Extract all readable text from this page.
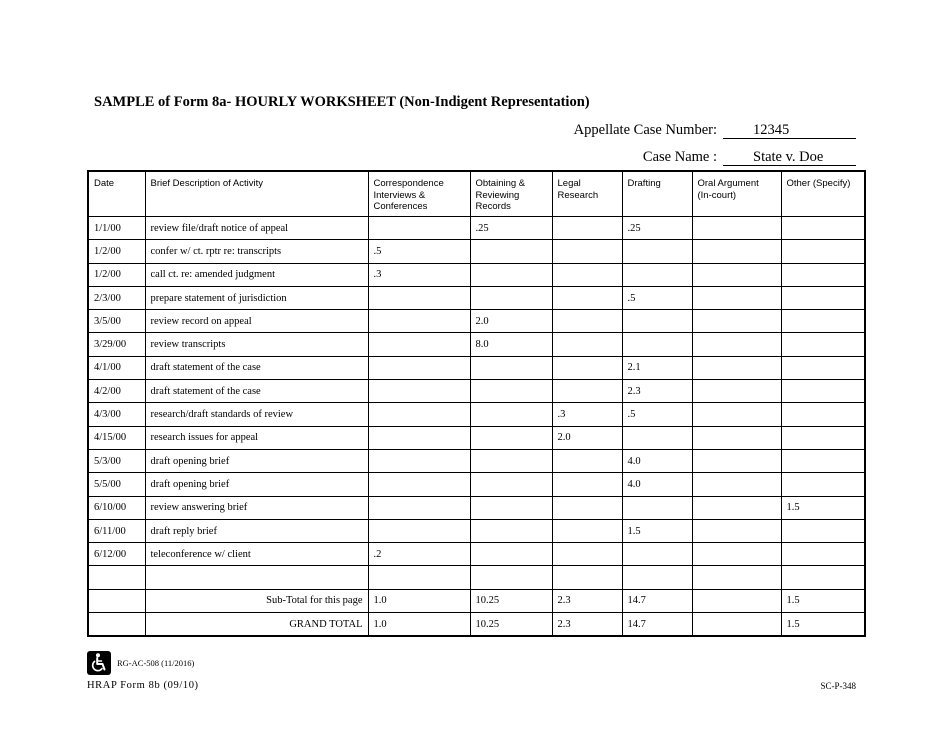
SAMPLE of Form 8a- HOURLY WORKSHEET (Non-Indigent Representation)
Appellate Case Number:	12345
Case Name :	State v. Doe
Date	Brief Description of Activity	Correspondence Interviews & Conferences	Obtaining & Reviewing Records	Legal Research	Drafting	Oral Argument (In-court)	Other (Specify)
1/1/00	review file/draft notice of appeal		.25		.25		
1/2/00	confer w/ ct. rptr re: transcripts	.5					
1/2/00	call ct. re: amended judgment	.3					
2/3/00	prepare statement of jurisdiction				.5		
3/5/00	review record on appeal		2.0				
3/29/00	review transcripts		8.0				
4/1/00	draft statement of the case				2.1		
4/2/00	draft statement of the case				2.3		
4/3/00	research/draft standards of review			.3	.5		
4/15/00	research issues for appeal			2.0			
5/3/00	draft opening brief				4.0		
5/5/00	draft opening brief				4.0		
6/10/00	review answering brief						1.5
6/11/00	draft reply brief				1.5		
6/12/00	teleconference w/ client	.2					

	Sub-Total for this page	1.0	10.25	2.3	14.7		1.5
	GRAND TOTAL	1.0	10.25	2.3	14.7		1.5
RG-AC-508 (11/2016)
HRAP Form 8b (09/10)	SC-P-348
